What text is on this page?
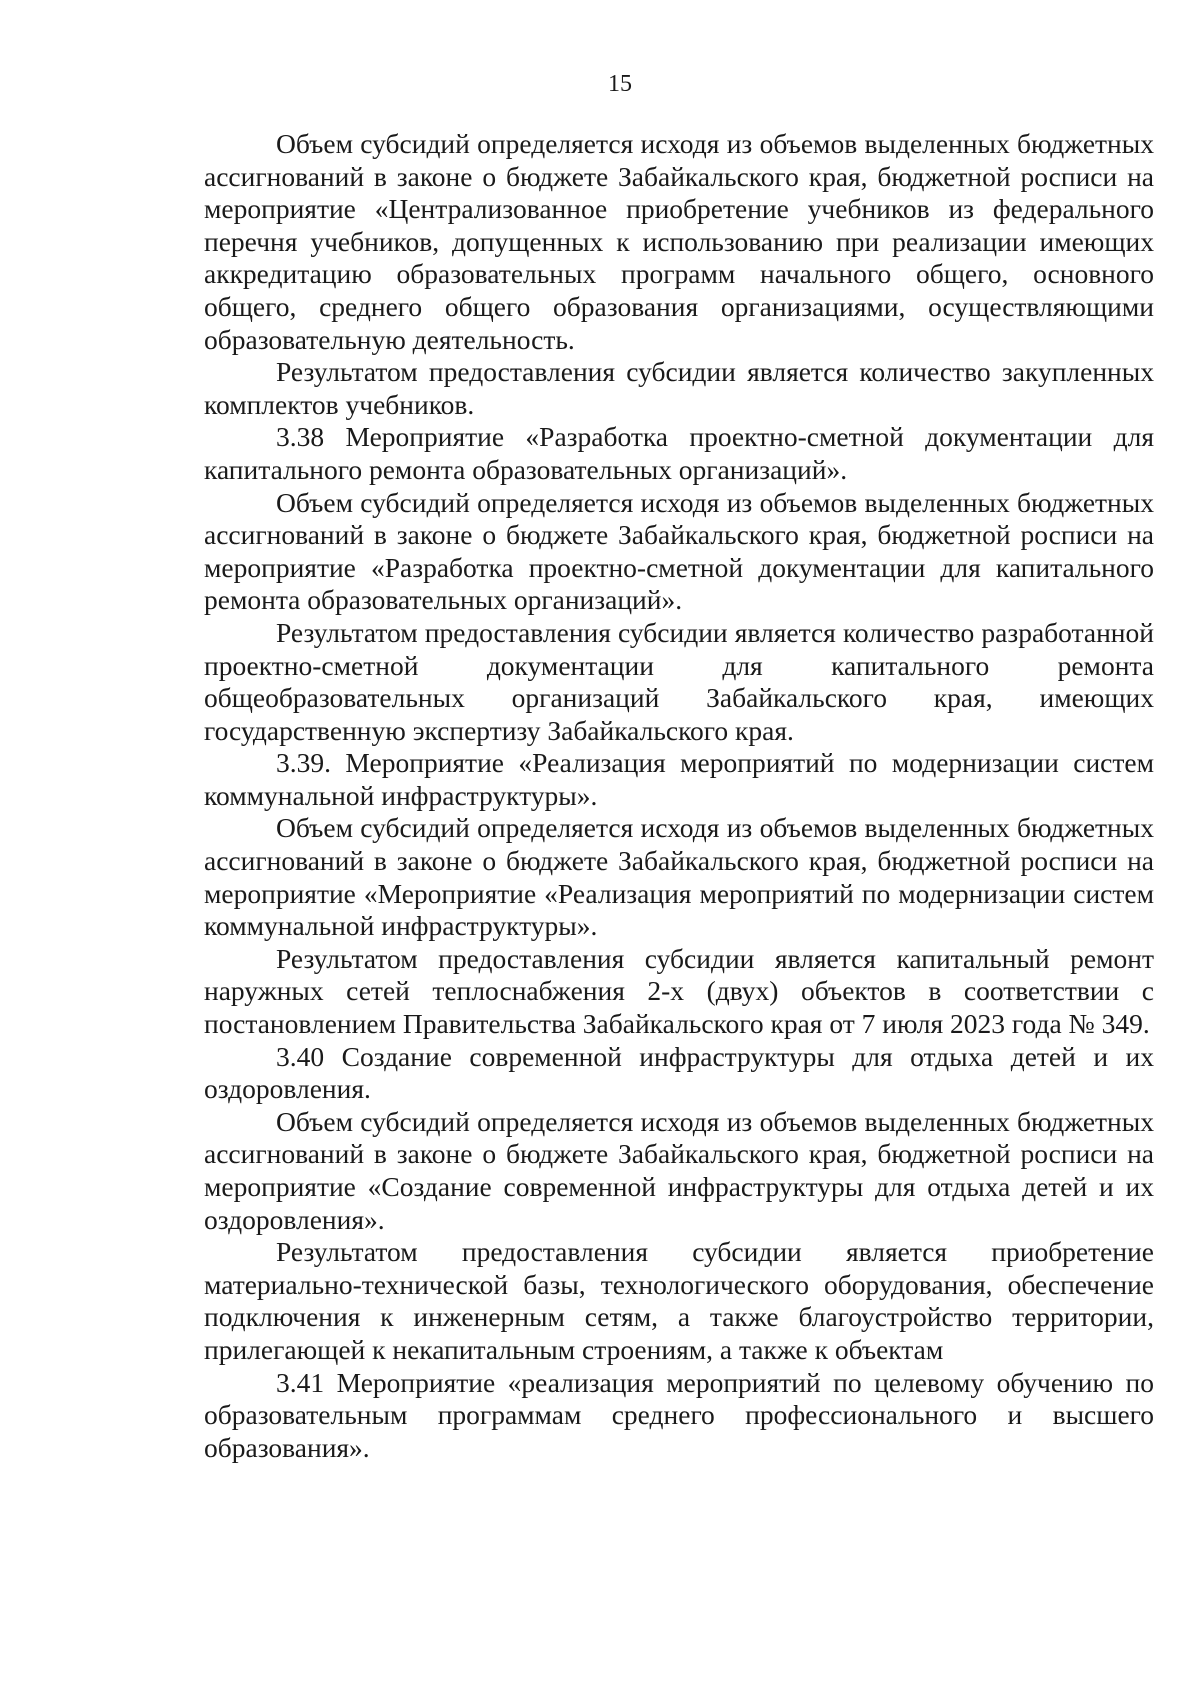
15

Объем субсидий определяется исходя из объемов выделенных бюджетных ассигнований в законе о бюджете Забайкальского края, бюджетной росписи на мероприятие «Централизованное приобретение учебников из федерального перечня учебников, допущенных к использованию при реализации имеющих аккредитацию образовательных программ начального общего, основного общего, среднего общего образования организациями, осуществляющими образовательную деятельность.

Результатом предоставления субсидии является количество закупленных комплектов учебников.

3.38 Мероприятие «Разработка проектно-сметной документации для капитального ремонта образовательных организаций».

Объем субсидий определяется исходя из объемов выделенных бюджетных ассигнований в законе о бюджете Забайкальского края, бюджетной росписи на мероприятие «Разработка проектно-сметной документации для капитального ремонта образовательных организаций».

Результатом предоставления субсидии является количество разработанной проектно-сметной документации для капитального ремонта общеобразовательных организаций Забайкальского края, имеющих государственную экспертизу Забайкальского края.

3.39. Мероприятие «Реализация мероприятий по модернизации систем коммунальной инфраструктуры».

Объем субсидий определяется исходя из объемов выделенных бюджетных ассигнований в законе о бюджете Забайкальского края, бюджетной росписи на мероприятие «Мероприятие «Реализация мероприятий по модернизации систем коммунальной инфраструктуры».

Результатом предоставления субсидии является капитальный ремонт наружных сетей теплоснабжения 2-х (двух) объектов в соответствии с постановлением Правительства Забайкальского края от 7 июля 2023 года № 349.

3.40 Создание современной инфраструктуры для отдыха детей и их оздоровления.

Объем субсидий определяется исходя из объемов выделенных бюджетных ассигнований в законе о бюджете Забайкальского края, бюджетной росписи на мероприятие «Создание современной инфраструктуры для отдыха детей и их оздоровления».

Результатом предоставления субсидии является приобретение материально-технической базы, технологического оборудования, обеспечение подключения к инженерным сетям, а также благоустройство территории, прилегающей к некапитальным строениям, а также к объектам

3.41 Мероприятие «реализация мероприятий по целевому обучению по образовательным программам среднего профессионального и высшего образования».
